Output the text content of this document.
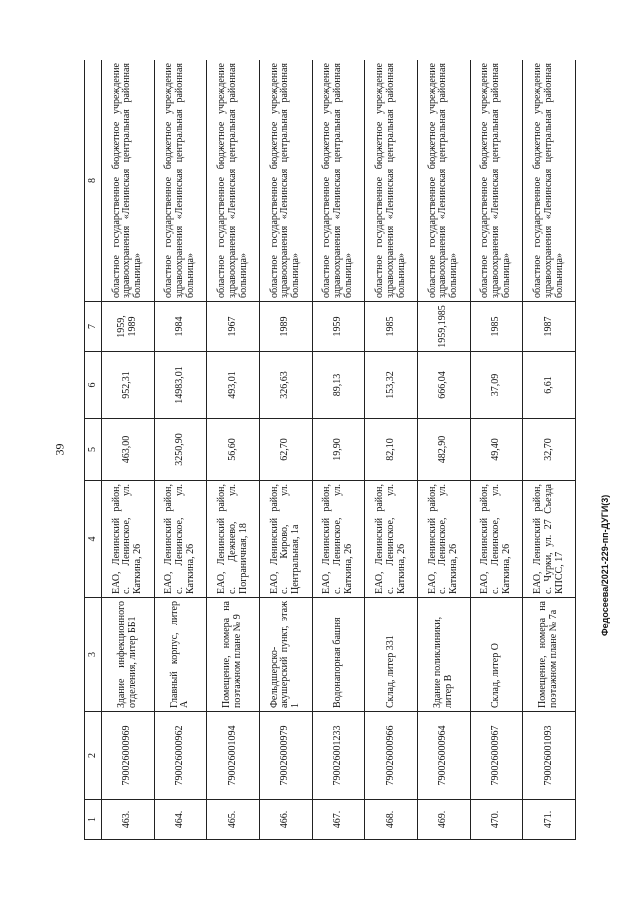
39
1	2	3	4	5	6	7	8
463.	790026000969	Здание инфекционного отделения, литер ББ1	ЕАО, Ленинский район, с. Ленинское, ул. Каткина, 26	463,00	952,31	1959, 1989	областное государственное бюджетное учреждение здравоохранения «Ленинская центральная районная больница»
464.	790026000962	Главный корпус, литер А	ЕАО, Ленинский район, с. Ленинское, ул. Каткина, 26	3250,90	14983,01	1984	областное государственное бюджетное учреждение здравоохранения «Ленинская центральная районная больница»
465.	790026001094	Помещение, номера на поэтажном плане № 9	ЕАО, Ленинский район, с. Дежнево, ул. Пограничная, 18	56,60	493,01	1967	областное государственное бюджетное учреждение здравоохранения «Ленинская центральная районная больница»
466.	790026000979	Фельдшерско-акушерский пункт, этаж 1	ЕАО, Ленинский район, с. Кирово, ул. Центральная, 1а	62,70	326,63	1989	областное государственное бюджетное учреждение здравоохранения «Ленинская центральная районная больница»
467.	790026001233	Водонапорная башня	ЕАО, Ленинский район, с. Ленинское, ул. Каткина, 26	19,90	89,13	1959	областное государственное бюджетное учреждение здравоохранения «Ленинская центральная районная больница»
468.	790026000966	Склад, литер 331	ЕАО, Ленинский район, с. Ленинское, ул. Каткина, 26	82,10	153,32	1985	областное государственное бюджетное учреждение здравоохранения «Ленинская центральная районная больница»
469.	790026000964	Здание поликлиники, литер В	ЕАО, Ленинский район, с. Ленинское, ул. Каткина, 26	482,90	666,04	1959,1985	областное государственное бюджетное учреждение здравоохранения «Ленинская центральная районная больница»
470.	790026000967	Склад, литер О	ЕАО, Ленинский район, с. Ленинское, ул. Каткина, 26	49,40	37,09	1985	областное государственное бюджетное учреждение здравоохранения «Ленинская центральная районная больница»
471.	790026001093	Помещение, номера на поэтажном плане № 7а	ЕАО, Ленинский район, с. Чурки, ул. 27 Съезда КПСС, 17	32,70	6,61	1987	областное государственное бюджетное учреждение здравоохранения «Ленинская центральная районная больница»
Федосеева/2021-229-пп-ДУГИ(3)
